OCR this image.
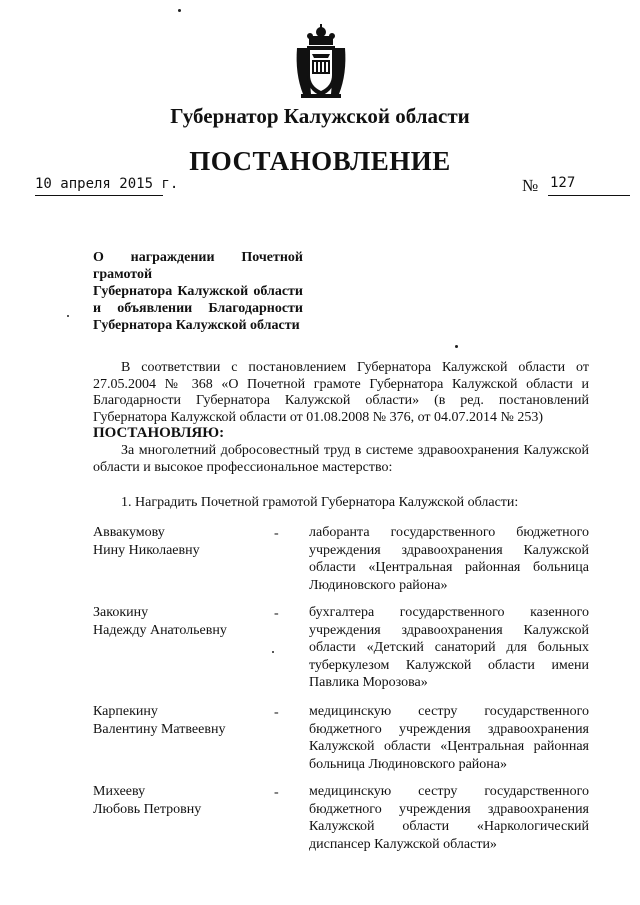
Губернатор Калужской области
ПОСТАНОВЛЕНИЕ
10 апреля 2015 г.	№ 127
О награждении Почетной грамотой
Губернатора Калужской области
и объявлении Благодарности
Губернатора Калужской области
В соответствии с постановлением Губернатора Калужской области от 27.05.2004 № 368 «О Почетной грамоте Губернатора Калужской области и Благодарности Губернатора Калужской области» (в ред. постановлений Губернатора Калужской области от 01.08.2008 № 376, от 04.07.2014 № 253)
ПОСТАНОВЛЯЮ:
За многолетний добросовестный труд в системе здравоохранения Калужской области и высокое профессиональное мастерство:
1. Наградить Почетной грамотой Губернатора Калужской области:
Аввакумову
Нину Николаевну
-	лаборанта государственного бюджетного учреждения здравоохранения Калужской области «Центральная районная больница Людиновского района»
Закокину
Надежду Анатольевну
-	бухгалтера государственного казенного учреждения здравоохранения Калужской области «Детский санаторий для больных туберкулезом Калужской области имени Павлика Морозова»
Карпекину
Валентину Матвеевну
-	медицинскую сестру государственного бюджетного учреждения здравоохранения Калужской области «Центральная районная больница Людиновского района»
Михееву
Любовь Петровну
-	медицинскую сестру государственного бюджетного учреждения здравоохранения Калужской области «Наркологический диспансер Калужской области»
